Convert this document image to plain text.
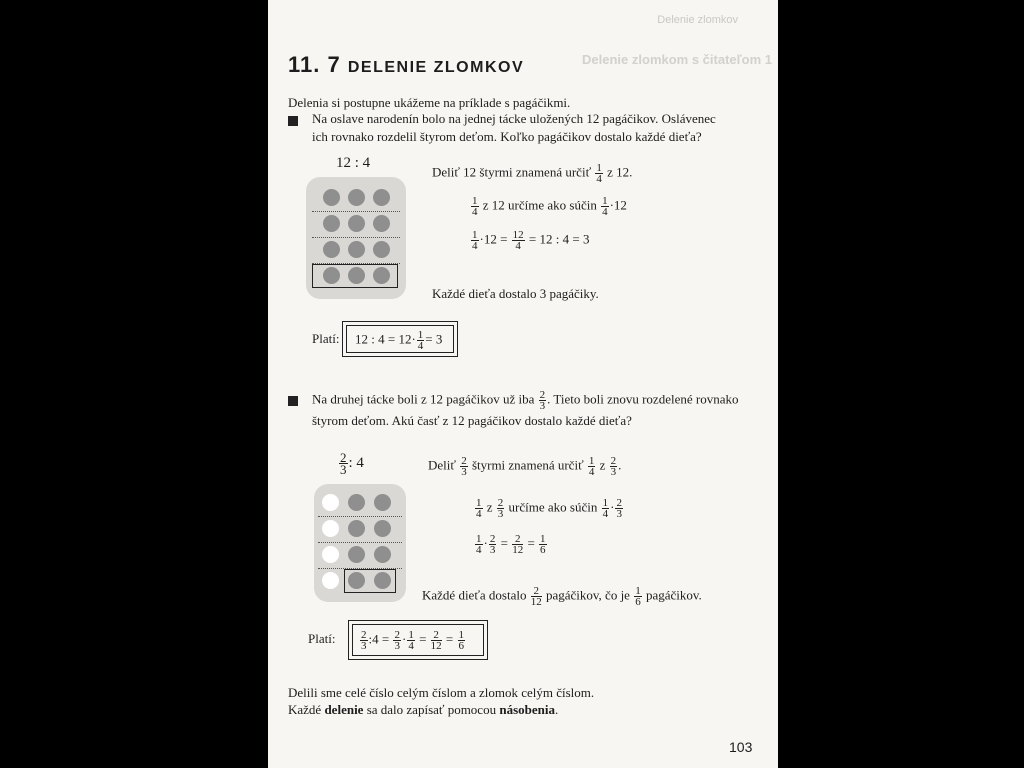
Delenie zlomkov
Delenie zlomkom s čitateľom 1
11. 7 DELENIE ZLOMKOV
Delenia si postupne ukážeme na príklade s pagáčikmi.
Na oslave narodenín bolo na jednej tácke uložených 12 pagáčikov. Oslávenec
ich rovnako rozdelil štyrom deťom. Koľko pagáčikov dostalo každé dieťa?
12 : 4
Deliť 12 štyrmi znamená určiť $\frac{1}{4}$ z 12.
$\frac{1}{4}$ z 12 určíme ako súčin $\frac{1}{4} \cdot 12$
$\frac{1}{4} \cdot 12 = \frac{12}{4} = 12$ : 4 = 3
Každé dieťa dostalo 3 pagáčiky.
Platí: 12 : $4 = 12\cdot \frac{1}{4} = 3$
Na druhej tácke boli z 12 pagáčikov už iba $\frac{2}{3}$ . Tieto boli znovu rozdelené rovnako
štyrom deťom. Akú časť z 12 pagáčikov dostalo každé dieťa?
$\frac{2}{3}$ : 4	Deliť $\frac{2}{3}$ štyrmi znamená určiť $\frac{1}{4}$ z $\frac{2}{3}$ .
$\frac{1}{4}$ z $\frac{2}{3}$ určíme ako súčin $\frac{1}{4} \cdot \frac{2}{3}$
$\frac{1}{4} \cdot \frac{2}{3} = \frac{2}{12} = \frac{1}{6}$
Každé dieťa dostalo $\frac{2}{12}$ pagáčikov, čo je $\frac{1}{6}$ pagáčikov.
Platí: $\frac{2}{3}$ :4 = $\frac{2}{3} \cdot \frac{1}{4} = \frac{2}{12} = \frac{1}{6}$
Delili sme celé číslo celým číslom a zlomok celým číslom.
Každé delenie sa dalo zapísať pomocou násobenia.
103
